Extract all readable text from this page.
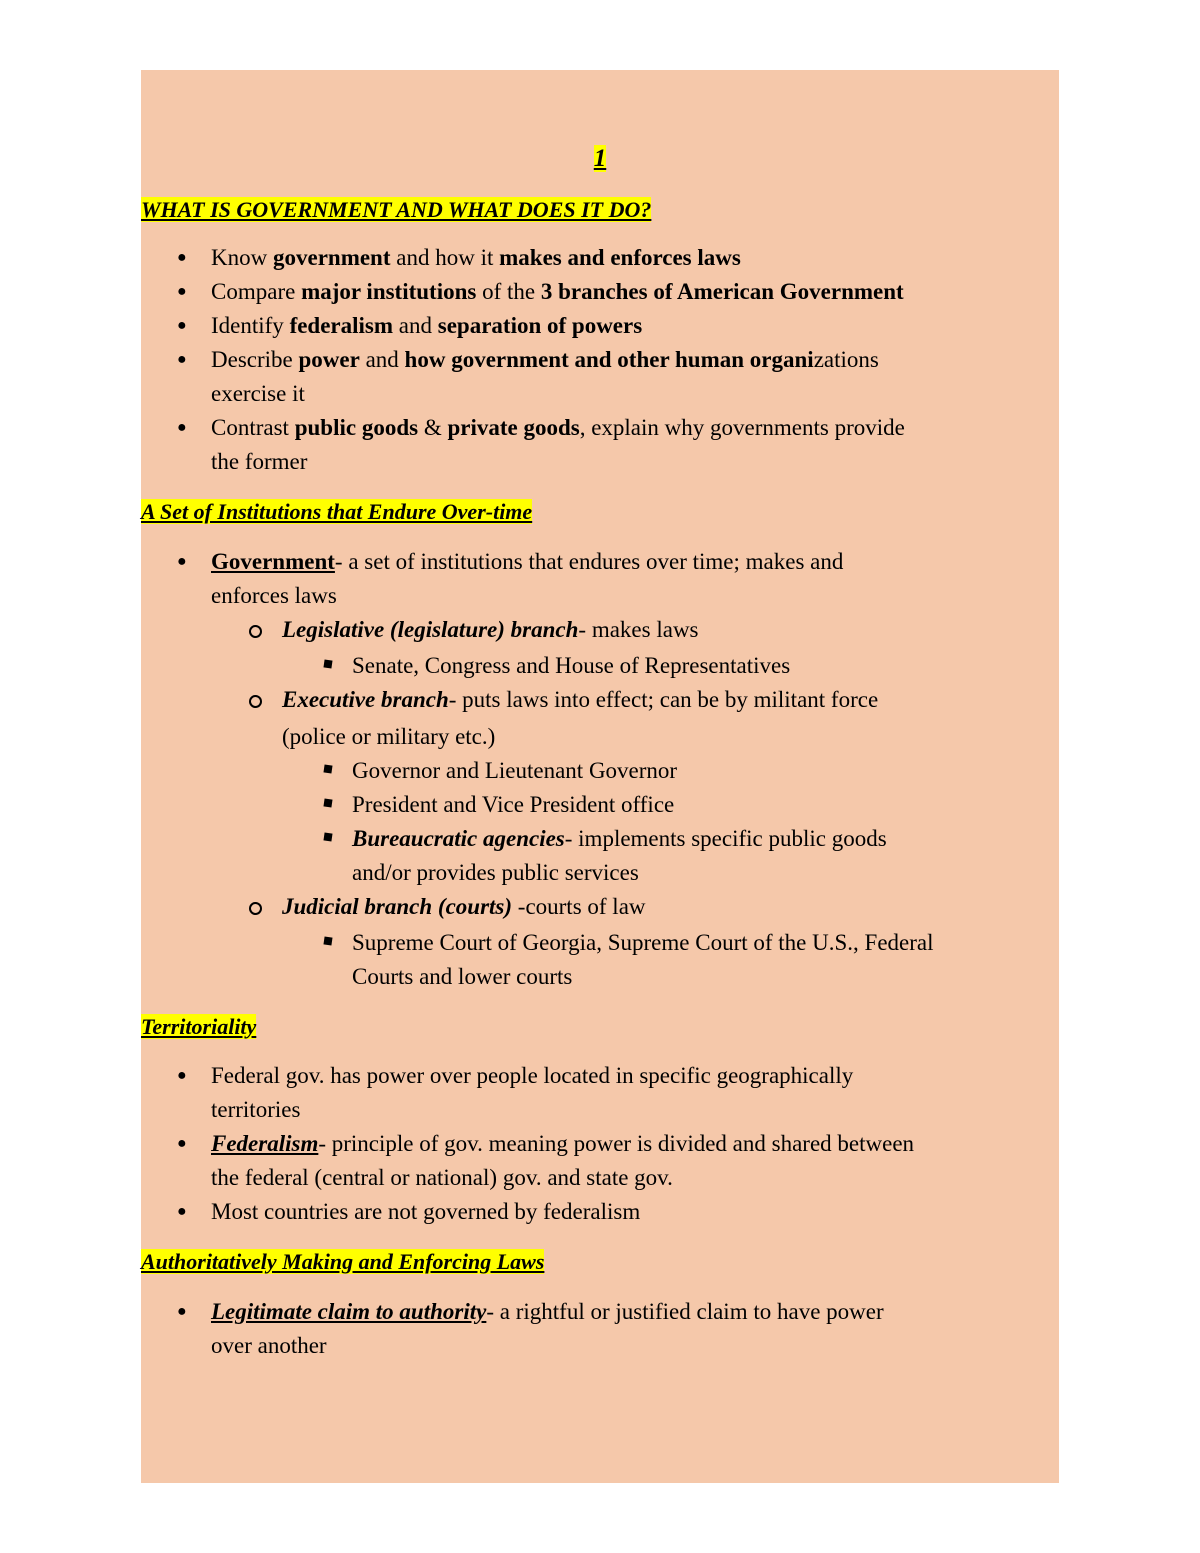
1
WHAT IS GOVERNMENT AND WHAT DOES IT DO?
● Know government and how it makes and enforces laws
● Compare major institutions of the 3 branches of American Government
● Identify federalism and separation of powers
● Describe power and how government and other human organizations
exercise it
● Contrast public goods & private goods, explain why governments provide
the former
A Set of Institutions that Endure Over-time
● Government- a set of institutions that endures over time; makes and
enforces laws
Legislative (legislature) branch- makes laws
Senate, Congress and House of Representatives
Executive branch- puts laws into effect; can be by militant force
(police or military etc.)
Governor and Lieutenant Governor
President and Vice President office
Bureaucratic agencies- implements specific public goods
and/or provides public services
Judicial branch (courts) -courts of law
Supreme Court of Georgia, Supreme Court of the U.S., Federal
Courts and lower courts
Territoriality
● Federal gov. has power over people located in specific geographically
territories
● Federalism- principle of gov. meaning power is divided and shared between
the federal (central or national) gov. and state gov.
● Most countries are not governed by federalism
Authoritatively Making and Enforcing Laws
● Legitimate claim to authority- a rightful or justified claim to have power
over another
